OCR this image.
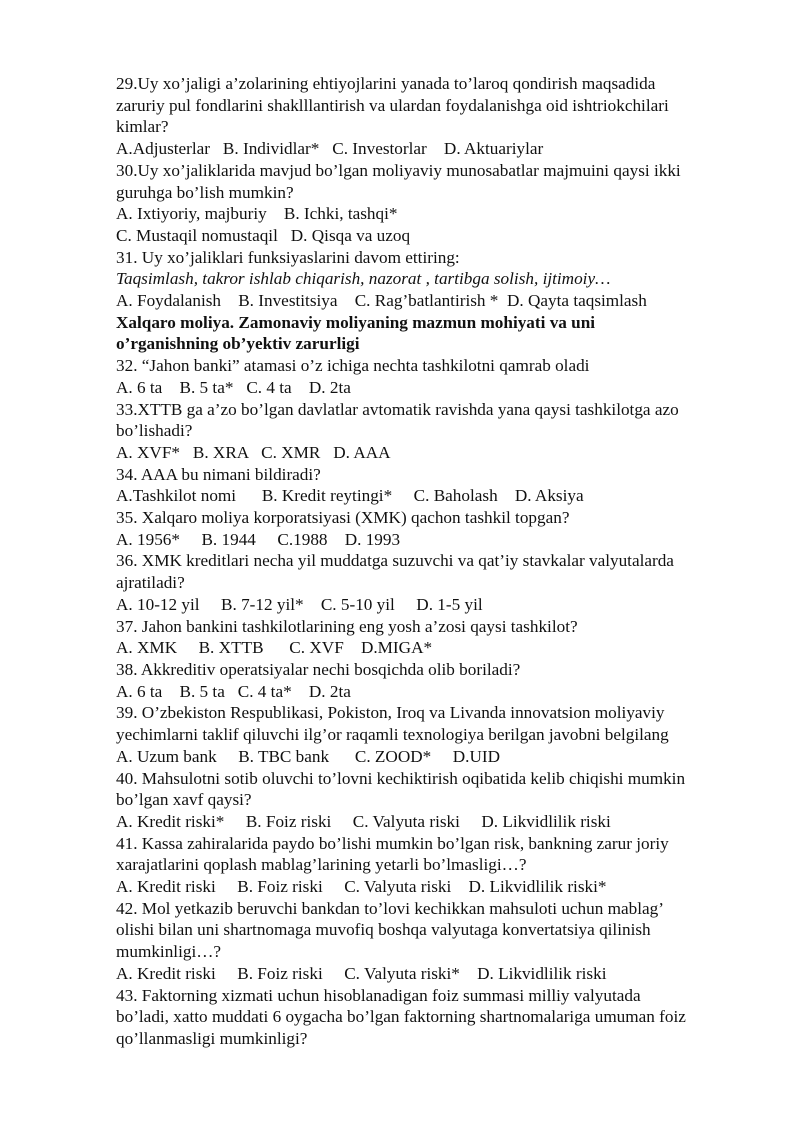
29.Uy xo’jaligi a’zolarining ehtiyojlarini yanada to’laroq qondirish maqsadida
zaruriy pul fondlarini shaklllantirish va ulardan foydalanishga oid ishtriokchilari
kimlar?
A.Adjusterlar   B. Individlar*   C. Investorlar    D. Aktuariylar
30.Uy xo’jaliklarida mavjud bo’lgan moliyaviy munosabatlar majmuini qaysi ikki
guruhga bo’lish mumkin?
A. Ixtiyoriy, majburiy    B. Ichki, tashqi*
C. Mustaqil nomustaqil   D. Qisqa va uzoq
31. Uy xo’jaliklari funksiyaslarini davom ettiring:
Taqsimlash, takror ishlab chiqarish, nazorat , tartibga solish, ijtimoiy…
A. Foydalanish    B. Investitsiya    C. Rag’batlantirish *  D. Qayta taqsimlash
Xalqaro moliya. Zamonaviy moliyaning mazmun mohiyati va uni
o’rganishning ob’yektiv zarurligi
32. “Jahon banki” atamasi o’z ichiga nechta tashkilotni qamrab oladi
A. 6 ta    B. 5 ta*   C. 4 ta    D. 2ta
33.XTTB ga a’zo bo’lgan davlatlar avtomatik ravishda yana qaysi tashkilotga azo
bo’lishadi?
A. XVF*   B. XRA   C. XMR   D. AAA
34. AAA bu nimani bildiradi?
A.Tashkilot nomi      B. Kredit reytingi*     C. Baholash    D. Aksiya
35. Xalqaro moliya korporatsiyasi (XMK) qachon tashkil topgan?
A. 1956*     B. 1944     C.1988    D. 1993
36. XMK kreditlari necha yil muddatga suzuvchi va qat’iy stavkalar valyutalarda
ajratiladi?
A. 10-12 yil     B. 7-12 yil*    C. 5-10 yil     D. 1-5 yil
37. Jahon bankini tashkilotlarining eng yosh a’zosi qaysi tashkilot?
A. XMK     B. XTTB      C. XVF    D.MIGA*
38. Akkreditiv operatsiyalar nechi bosqichda olib boriladi?
A. 6 ta    B. 5 ta   C. 4 ta*    D. 2ta
39. O’zbekiston Respublikasi, Pokiston, Iroq va Livanda innovatsion moliyaviy
yechimlarni taklif qiluvchi ilg’or raqamli texnologiya berilgan javobni belgilang
A. Uzum bank     B. TBC bank      C. ZOOD*     D.UID
40. Mahsulotni sotib oluvchi to’lovni kechiktirish oqibatida kelib chiqishi mumkin
bo’lgan xavf qaysi?
A. Kredit riski*     B. Foiz riski     C. Valyuta riski     D. Likvidlilik riski
41. Kassa zahiralarida paydo bo’lishi mumkin bo’lgan risk, bankning zarur joriy
xarajatlarini qoplash mablag’larining yetarli bo’lmasligi…?
A. Kredit riski     B. Foiz riski     C. Valyuta riski    D. Likvidlilik riski*
42. Mol yetkazib beruvchi bankdan to’lovi kechikkan mahsuloti uchun mablag’
olishi bilan uni shartnomaga muvofiq boshqa valyutaga konvertatsiya qilinish
mumkinligi…?
A. Kredit riski     B. Foiz riski     C. Valyuta riski*    D. Likvidlilik riski
43. Faktorning xizmati uchun hisoblanadigan foiz summasi milliy valyutada
bo’ladi, xatto muddati 6 oygacha bo’lgan faktorning shartnomalariga umuman foiz
qo’llanmasligi mumkinligi?
